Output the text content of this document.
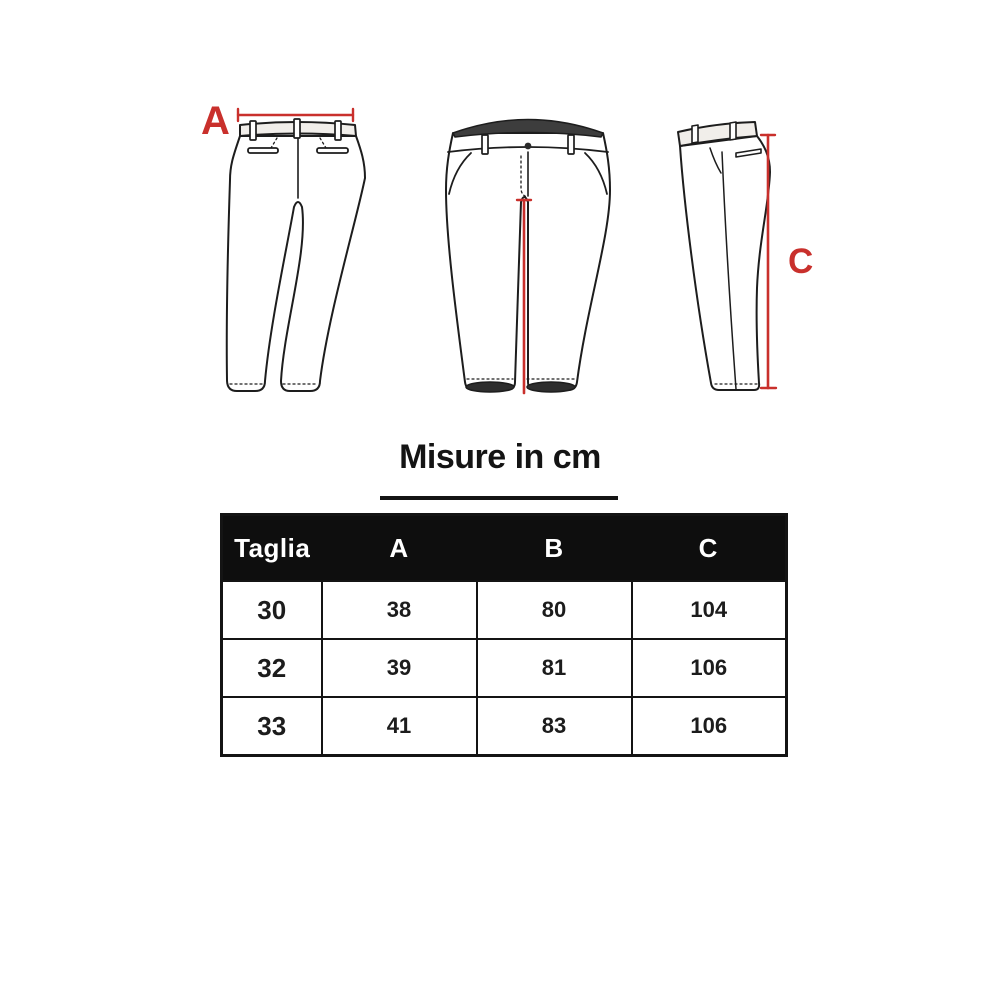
A
C
Misure in cm
Taglia	A	B	C
30	38	80	104
32	39	81	106
33	41	83	106
